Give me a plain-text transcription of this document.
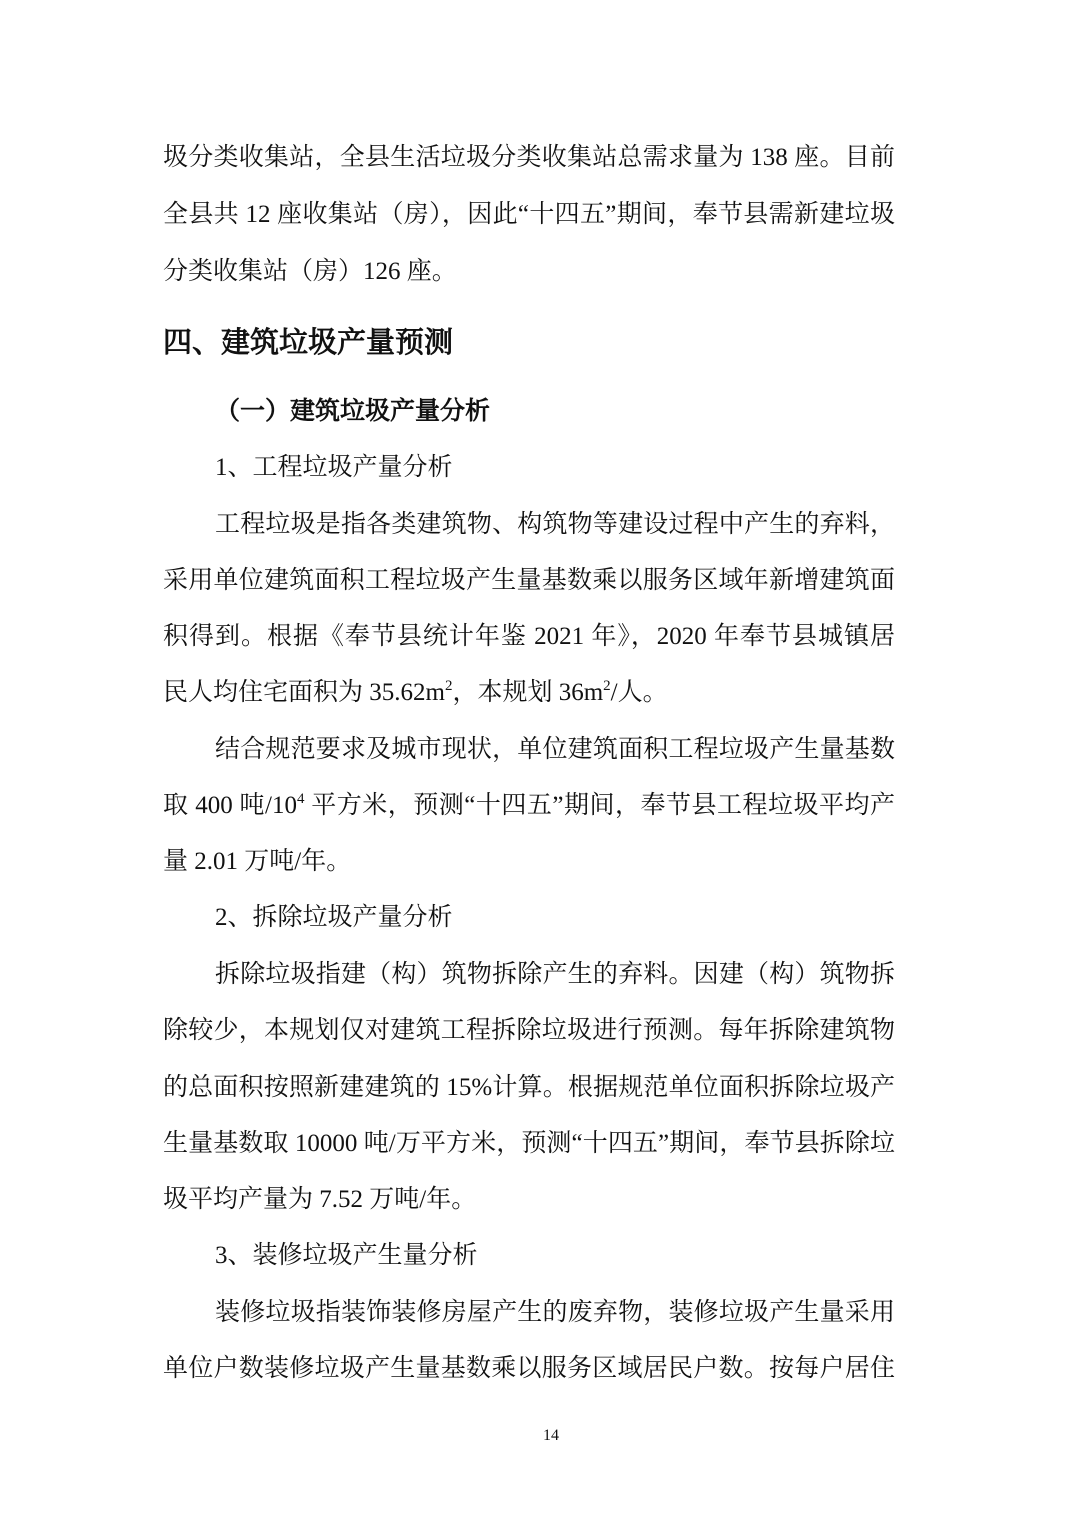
圾分类收集站，全县生活垃圾分类收集站总需求量为 138 座。目前
全县共 12 座收集站（房），因此“十四五”期间，奉节县需新建垃圾
分类收集站（房）126 座。
四、建筑垃圾产量预测
（一）建筑垃圾产量分析
1、工程垃圾产量分析
工程垃圾是指各类建筑物、构筑物等建设过程中产生的弃料，
采用单位建筑面积工程垃圾产生量基数乘以服务区域年新增建筑面
积得到。根据《奉节县统计年鉴 2021 年》，2020 年奉节县城镇居
民人均住宅面积为 $35.62m^2$，本规划 $36m^2/$人。
结合规范要求及城市现状，单位建筑面积工程垃圾产生量基数
取 400 吨$/10^4$ 平方米，预测“十四五”期间，奉节县工程垃圾平均产
量 2.01 万吨/年。
2、拆除垃圾产量分析
拆除垃圾指建（构）筑物拆除产生的弃料。因建（构）筑物拆
除较少，本规划仅对建筑工程拆除垃圾进行预测。每年拆除建筑物
的总面积按照新建建筑的 15%计算。根据规范单位面积拆除垃圾产
生量基数取 10000 吨/万平方米，预测“十四五”期间，奉节县拆除垃
圾平均产量为 7.52 万吨/年。
3、装修垃圾产生量分析
装修垃圾指装饰装修房屋产生的废弃物，装修垃圾产生量采用
单位户数装修垃圾产生量基数乘以服务区域居民户数。按每户居住
14
